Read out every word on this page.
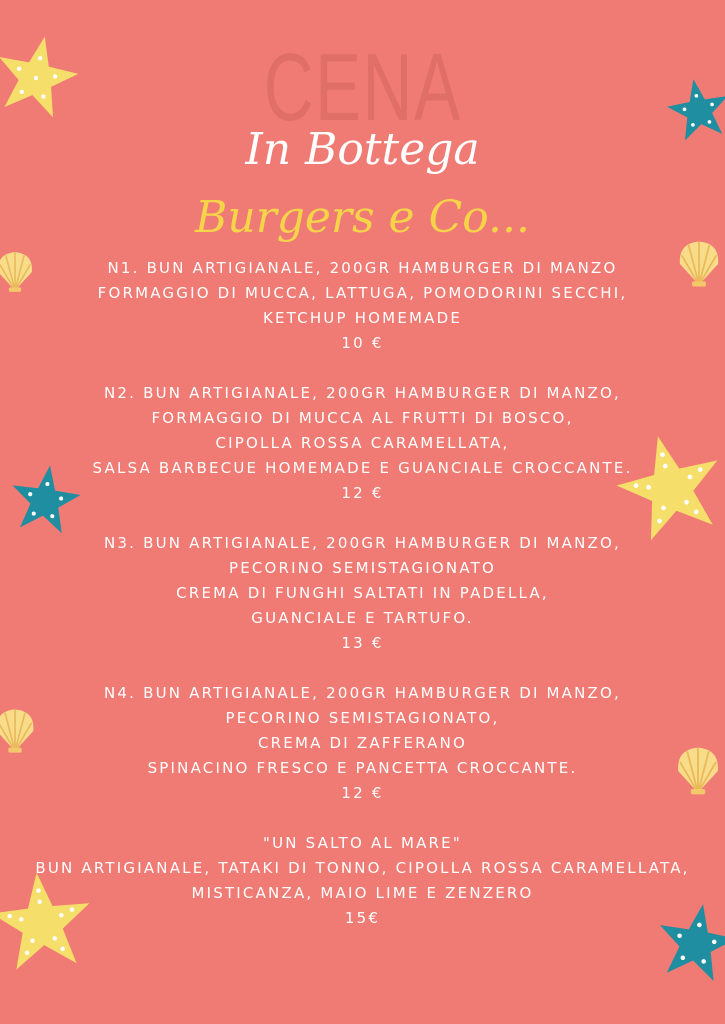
CENA
In Bottega
Burgers e Co...
N1. BUN ARTIGIANALE, 200GR HAMBURGER DI MANZO
FORMAGGIO DI MUCCA, LATTUGA, POMODORINI SECCHI,
KETCHUP HOMEMADE
10 €
N2. BUN ARTIGIANALE, 200GR HAMBURGER DI MANZO,
FORMAGGIO DI MUCCA AL FRUTTI DI BOSCO,
CIPOLLA ROSSA CARAMELLATA,
SALSA BARBECUE HOMEMADE E GUANCIALE CROCCANTE.
12 €
N3. BUN ARTIGIANALE, 200GR HAMBURGER DI MANZO,
PECORINO SEMISTAGIONATO
CREMA DI FUNGHI SALTATI IN PADELLA,
GUANCIALE E TARTUFO.
13 €
N4. BUN ARTIGIANALE, 200GR HAMBURGER DI MANZO,
PECORINO SEMISTAGIONATO,
CREMA DI ZAFFERANO
SPINACINO FRESCO E PANCETTA CROCCANTE.
12 €
"UN SALTO AL MARE"
BUN ARTIGIANALE, TATAKI DI TONNO, CIPOLLA ROSSA CARAMELLATA,
MISTICANZA, MAIO LIME E ZENZERO
15€
